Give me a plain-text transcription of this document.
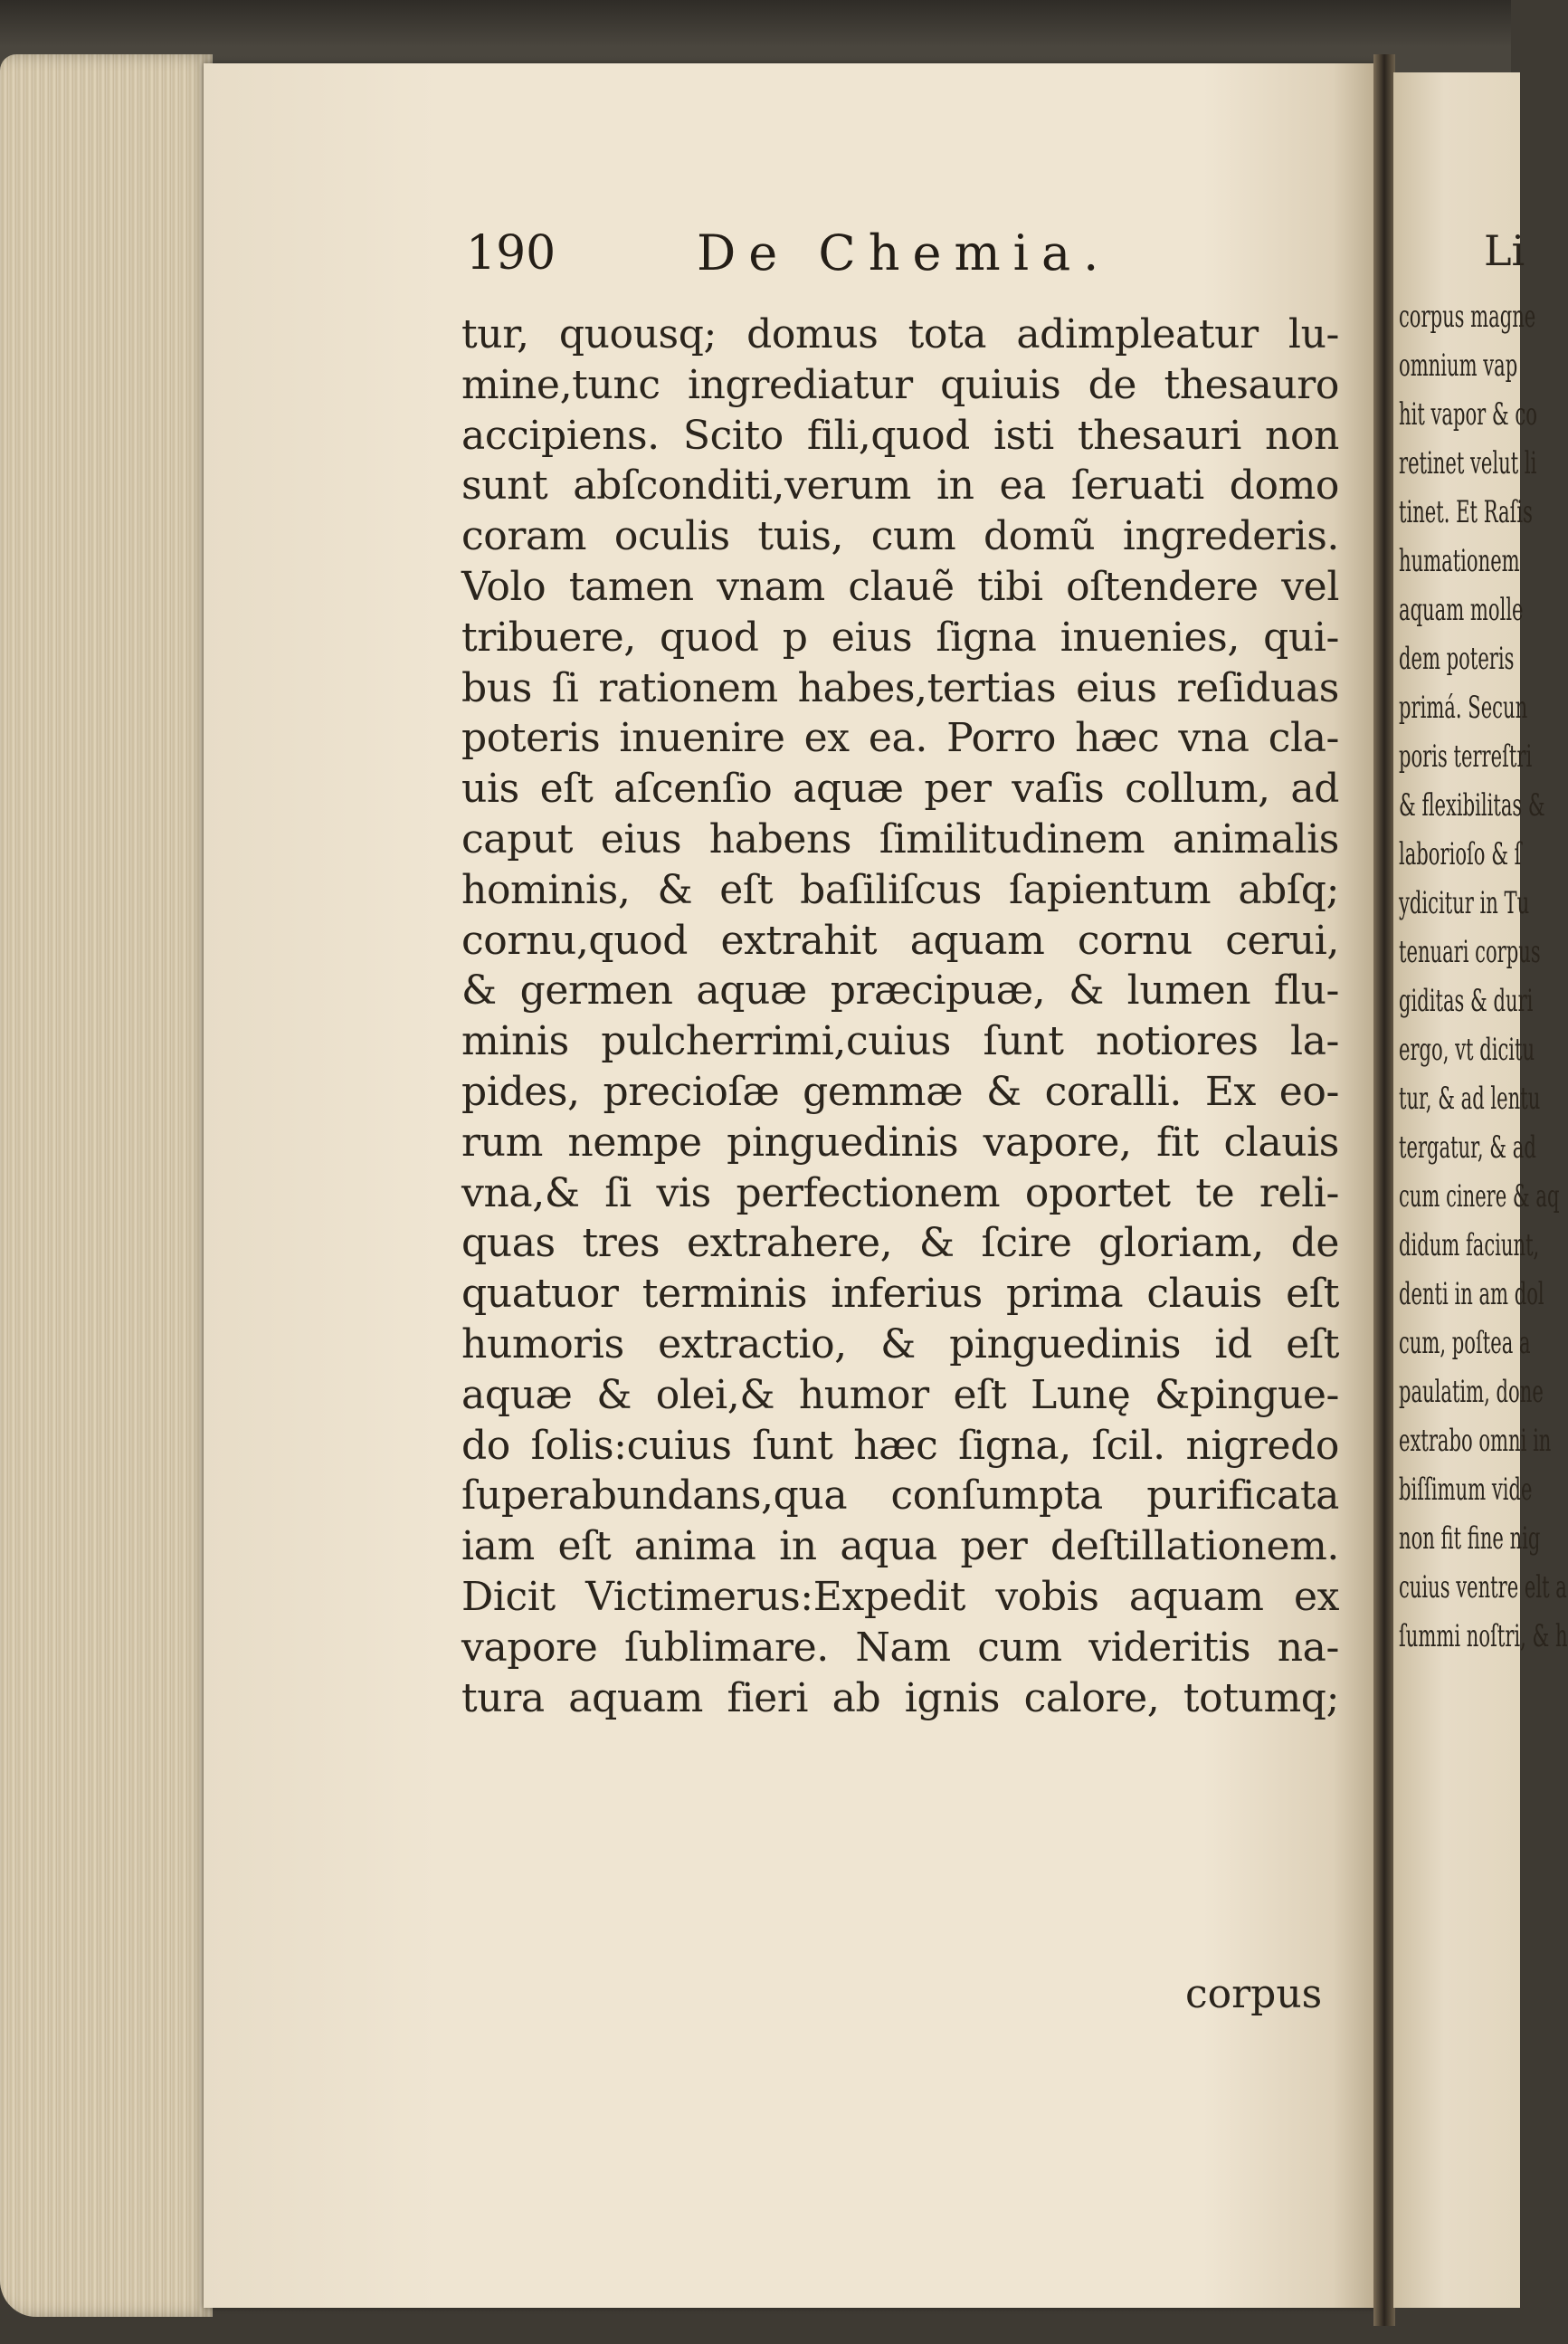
190	De Chemia.
tur, quousq; domus tota adimpleatur lu-
mine,tunc ingrediatur quiuis de thesauro
accipiens. Scito fili,quod isti thesauri non
sunt abſconditi,verum in ea ſeruati domo
coram oculis tuis, cum domũ ingrederis.
Volo tamen vnam clauẽ tibi oſtendere vel
tribuere, quod p eius ſigna inuenies, qui-
bus ſi rationem habes,tertias eius reſiduas
poteris inuenire ex ea. Porro hæc vna cla-
uis eſt aſcenſio aquæ per vaſis collum, ad
caput eius habens ſimilitudinem animalis
hominis, & eſt baſiliſcus ſapientum abſq;
cornu,quod extrahit aquam cornu cerui,
& germen aquæ præcipuæ, & lumen flu-
minis pulcherrimi,cuius ſunt notiores la-
pides, precioſæ gemmæ & coralli. Ex eo-
rum nempe pinguedinis vapore, fit clauis
vna,& ſi vis perfectionem oportet te reli-
quas tres extrahere, & ſcire gloriam, de
quatuor terminis inferius prima clauis eſt
humoris extractio, & pinguedinis id eſt
aquæ & olei,& humor eſt Lunę &pingue-
do ſolis:cuius ſunt hæc ſigna, ſcil. nigredo
ſuperabundans,qua conſumpta purificata
iam eſt anima in aqua per deſtillationem.
Dicit Victimerus:Expedit vobis aquam ex
vapore ſublimare. Nam cum videritis na-
tura aquam fieri ab ignis calore, totumq;
corpus
Li
corpus magne
omnium vap
hit vapor & co
retinet velut li
tinet. Et Raſis
humationem
aquam molle
dem poteris
primá. Secun
poris terreſtri
& flexibilitas &
laborioſo & ſ
ydicitur in Tu
tenuari corpus
giditas & duri
ergo, vt dicitu
tur, & ad lentu
tergatur, & ad
cum cinere & aq
didum faciunt,
denti in am dol
cum, poſtea a
paulatim, done
extrabo omni in
biſſimum vide
non fit fine nig
cuius ventre elt a
ſummi noſtri, & h
